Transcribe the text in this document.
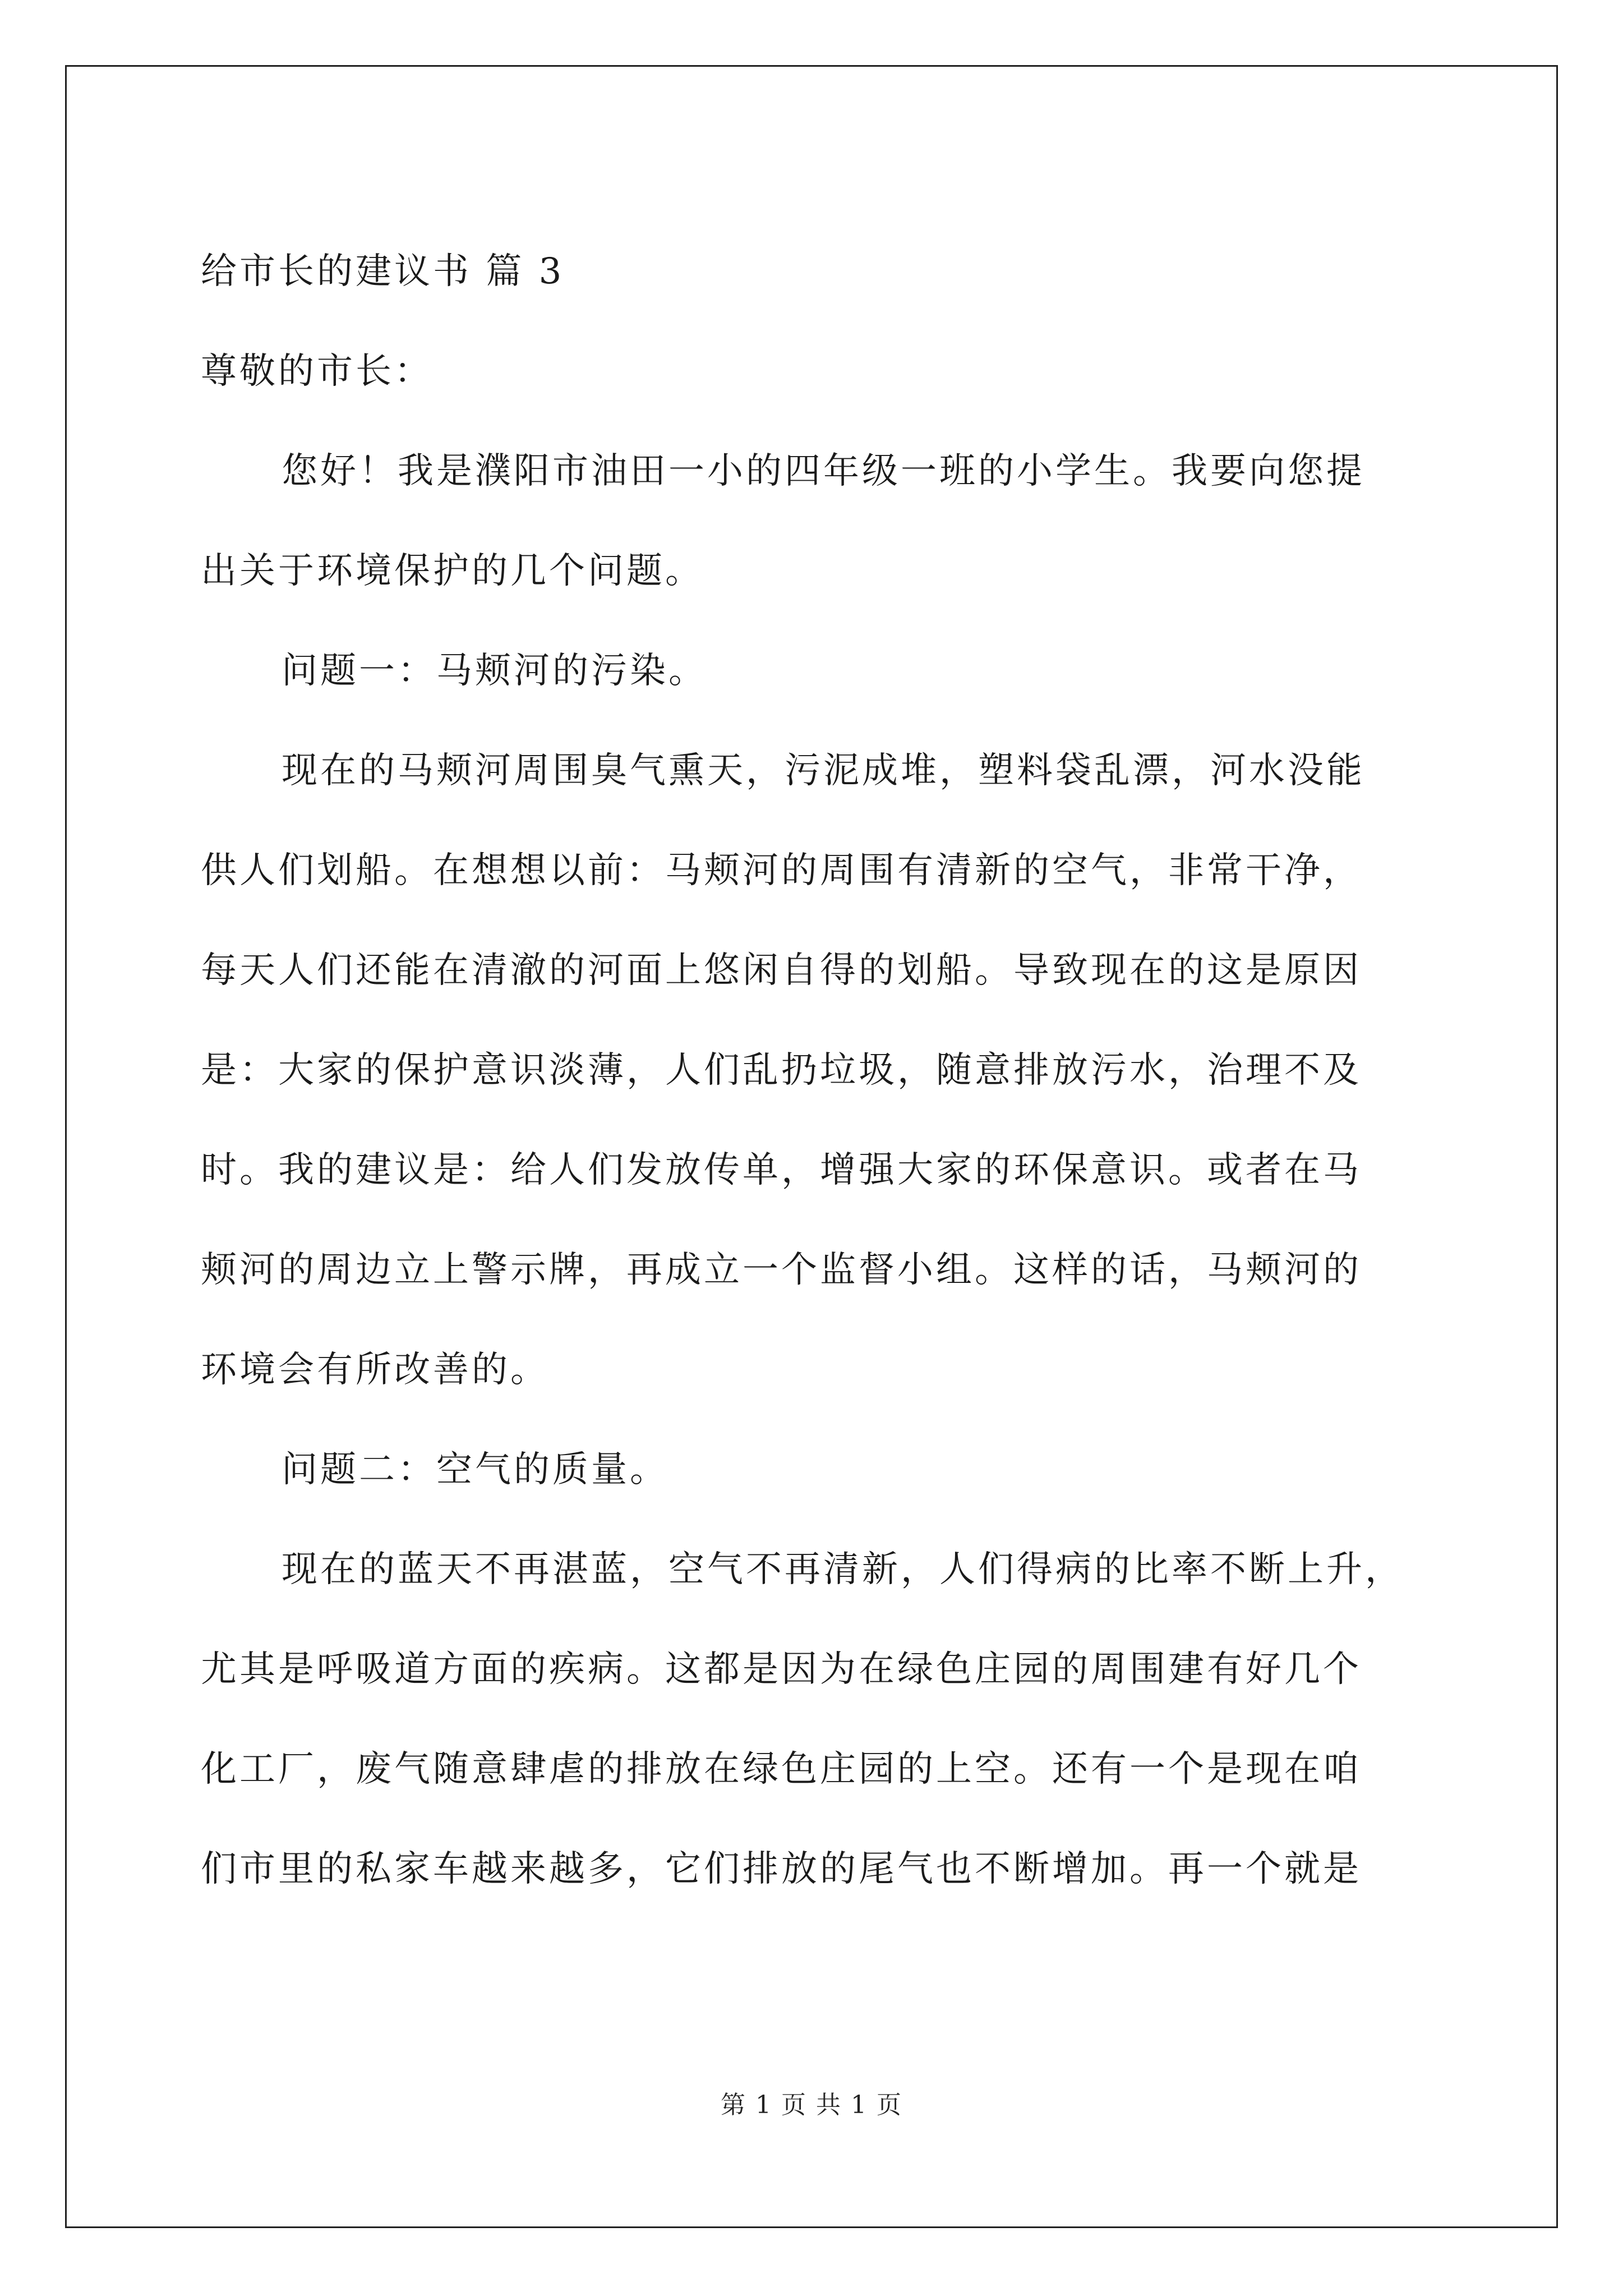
给市长的建议书 篇 3

尊敬的市长：

您好！我是濮阳市油田一小的四年级一班的小学生。我要向您提

出关于环境保护的几个问题。

问题一：马颊河的污染。

现在的马颊河周围臭气熏天，污泥成堆，塑料袋乱漂，河水没能

供人们划船。在想想以前：马颊河的周围有清新的空气，非常干净，

每天人们还能在清澈的河面上悠闲自得的划船。导致现在的这是原因

是：大家的保护意识淡薄，人们乱扔垃圾，随意排放污水，治理不及

时。我的建议是：给人们发放传单，增强大家的环保意识。或者在马

颊河的周边立上警示牌，再成立一个监督小组。这样的话，马颊河的

环境会有所改善的。

问题二：空气的质量。

现在的蓝天不再湛蓝，空气不再清新，人们得病的比率不断上升，

尤其是呼吸道方面的疾病。这都是因为在绿色庄园的周围建有好几个

化工厂，废气随意肆虐的排放在绿色庄园的上空。还有一个是现在咱

们市里的私家车越来越多，它们排放的尾气也不断增加。再一个就是

第 1 页 共 1 页
